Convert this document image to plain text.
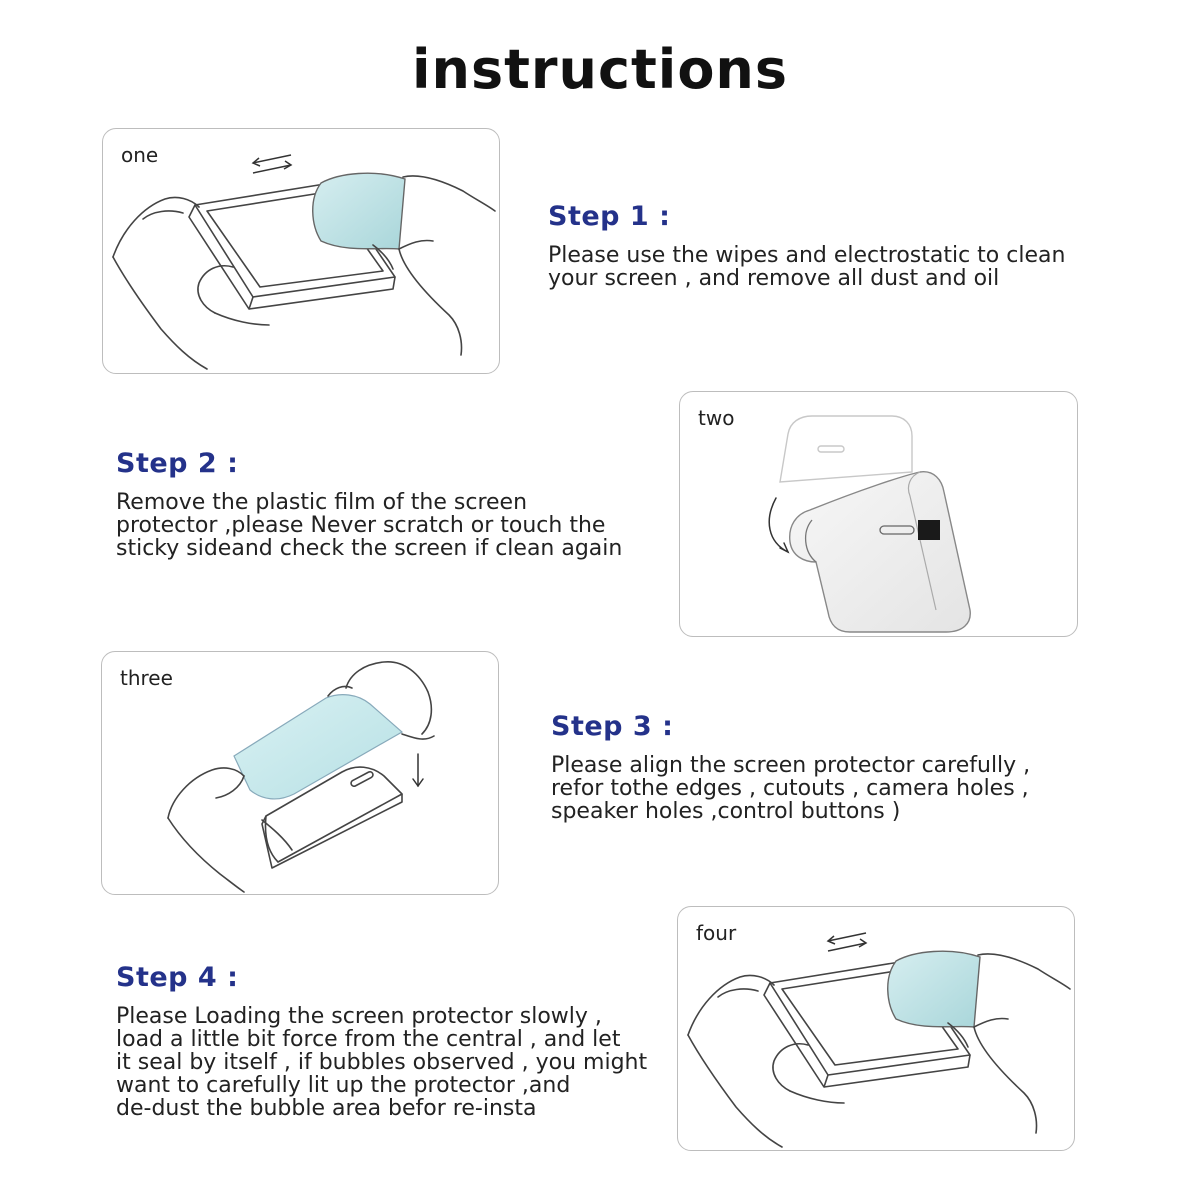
instructions
one
Step 1 :
Please use the wipes and electrostatic to clean
your screen , and remove all dust and oil
two
Step 2 :
Remove the plastic film of the screen
protector ,please Never scratch or touch the
sticky sideand check the screen if clean again
three
Step 3 :
Please align the screen protector carefully ,
refor tothe edges , cutouts , camera holes ,
speaker holes ,control buttons )
four
Step 4 :
Please Loading the screen protector slowly ,
load a little bit force from the central , and let
it seal by itself , if bubbles observed , you might
want to carefully lit up the protector ,and
de-dust the bubble area befor re-insta
